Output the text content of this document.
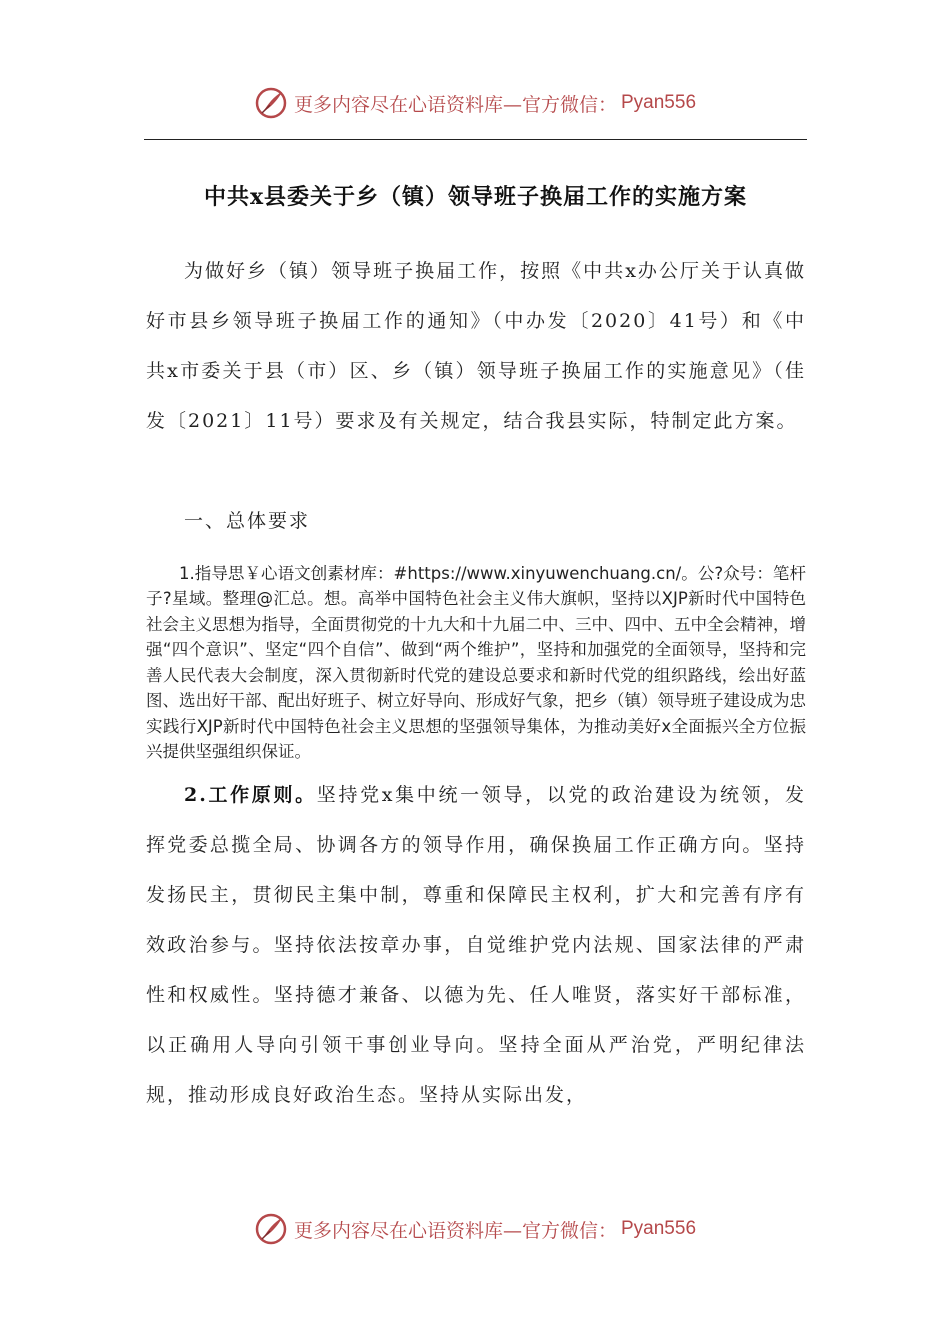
更多内容尽在心语资料库 —官方微信： Pyan556
中共x县委关于乡（镇）领导班子换届工作的实施方案

为做好乡（镇）领导班子换届工作，按照《中共x办公厅关于认真做好市县乡领导班子换届工作的通知》（中办发〔2020〕41号）和《中共x市委关于县（市）区、乡（镇）领导班子换届工作的实施意见》（佳发〔2021〕11号）要求及有关规定，结合我县实际，特制定此方案。

一、总体要求

1.指导思￥心语文创素材库：#https://www.xinyuwenchuang.cn/。公?众号：笔杆子?星域。整理@汇总。想。高举中国特色社会主义伟大旗帜，坚持以XJP新时代中国特色社会主义思想为指导，全面贯彻党的十九大和十九届二中、三中、四中、五中全会精神，增强“四个意识”、坚定“四个自信”、做到“两个维护”，坚持和加强党的全面领导，坚持和完善人民代表大会制度，深入贯彻新时代党的建设总要求和新时代党的组织路线，绘出好蓝图、选出好干部、配出好班子、树立好导向、形成好气象，把乡（镇）领导班子建设成为忠实践行XJP新时代中国特色社会主义思想的坚强领导集体，为推动美好x全面振兴全方位振兴提供坚强组织保证。

2.工作原则。坚持党x集中统一领导，以党的政治建设为统领，发挥党委总揽全局、协调各方的领导作用，确保换届工作正确方向。坚持发扬民主，贯彻民主集中制，尊重和保障民主权利，扩大和完善有序有效政治参与。坚持依法按章办事，自觉维护党内法规、国家法律的严肃性和权威性。坚持德才兼备、以德为先、任人唯贤，落实好干部标准，以正确用人导向引领干事创业导向。坚持全面从严治党，严明纪律法规，推动形成良好政治生态。坚持从实际出发，

更多内容尽在心语资料库 —官方微信： Pyan556
